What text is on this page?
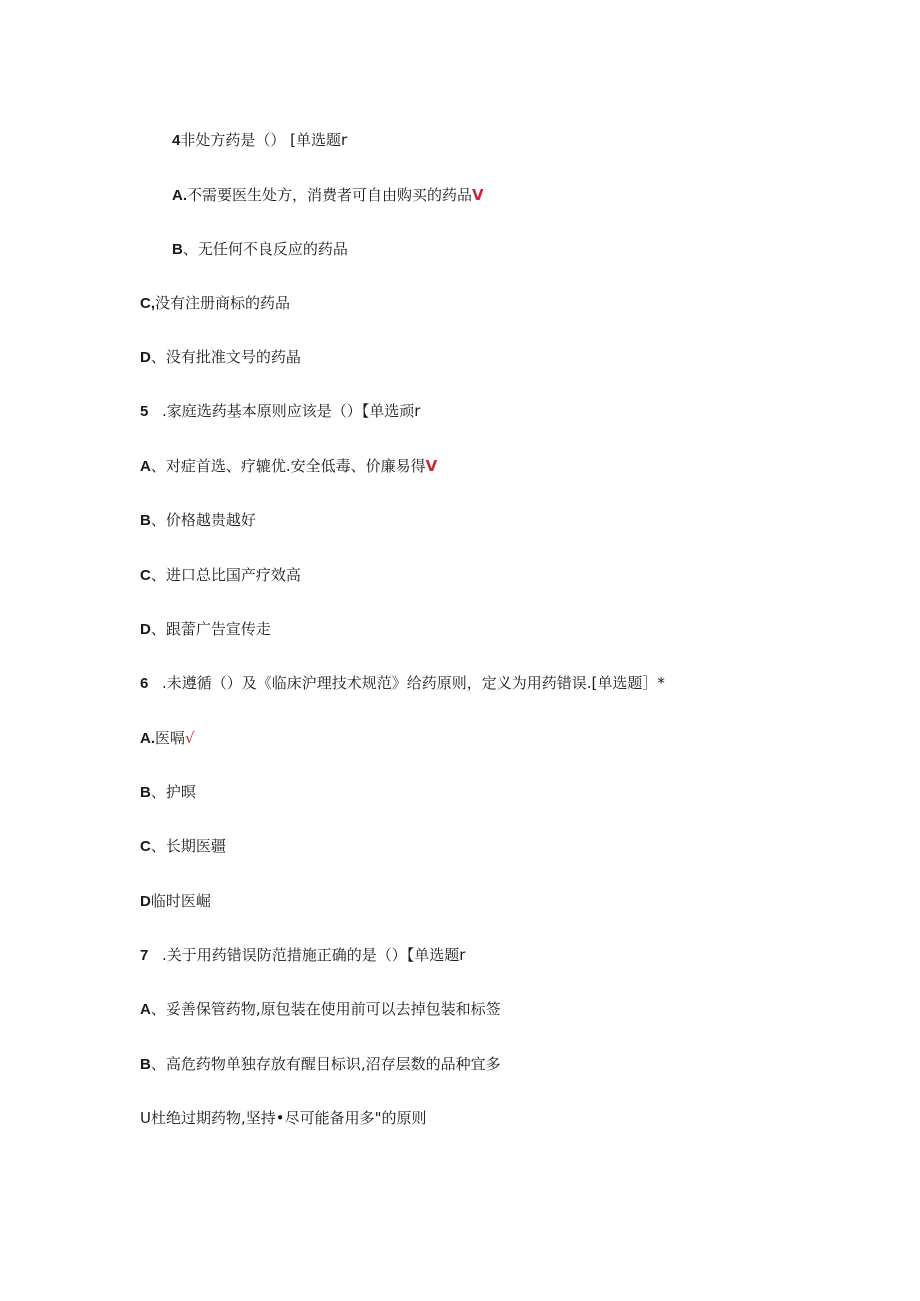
4非处方药是（） [单选题r
A.不需要医生处方，消费者可自由购买的药品V
B、无任何不良反应的药品
C,没有注册商标的药品
D、没有批准文号的药晶
5 .家庭选药基本原则应该是（）【单选顽r
A、对症首选、疗辘优.安全低毒、价廉易得V
B、价格越贵越好
C、进口总比国产疗效高
D、跟蕾广告宣传走
6 .未遵循（）及《临床沪理技术规范》给药原则，定义为用药错误.[单选题］*
A.医嗝√
B、护暝
C、长期医疆
D临时医崛
7 .关于用药错误防范措施正确的是（）【单选题r
A、妥善保管药物,原包装在使用前可以去掉包装和标签
B、高危药物单独存放有醒目标识,沼存层数的品种宜多
U杜绝过期药物,坚持•尽可能备用多"的原则
